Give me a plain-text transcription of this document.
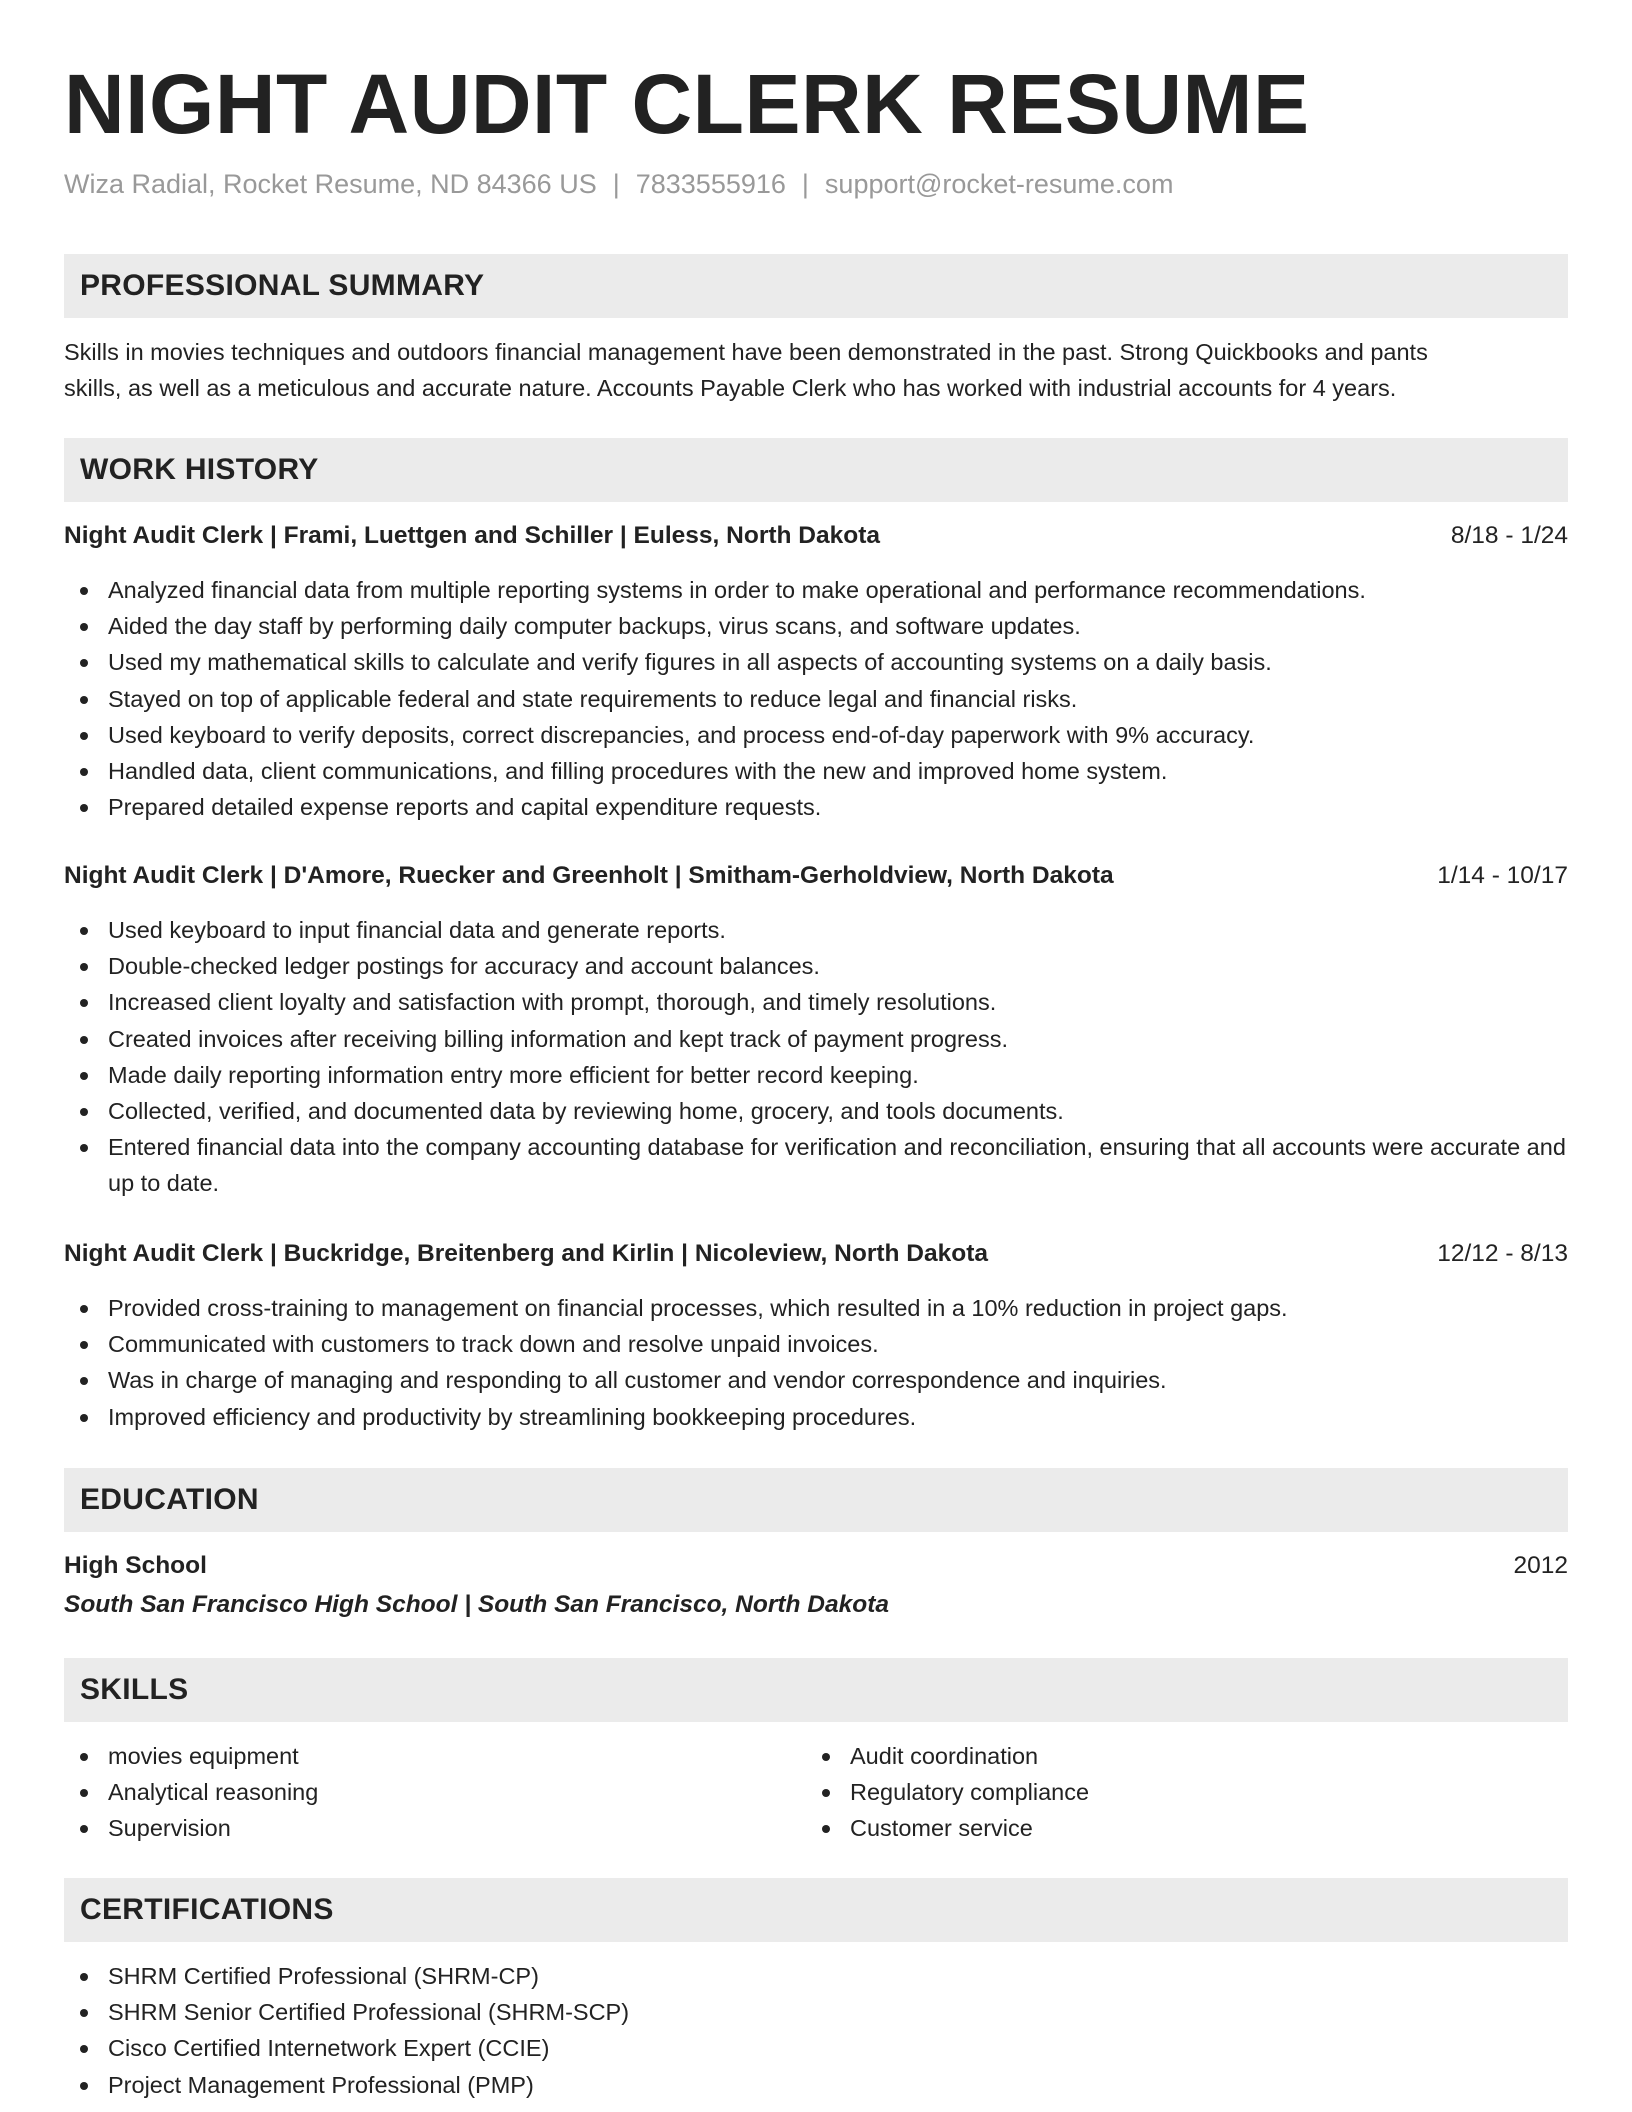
NIGHT AUDIT CLERK RESUME
Wiza Radial, Rocket Resume, ND 84366 US | 7833555916 | support@rocket-resume.com
PROFESSIONAL SUMMARY
Skills in movies techniques and outdoors financial management have been demonstrated in the past. Strong Quickbooks and pants
skills, as well as a meticulous and accurate nature. Accounts Payable Clerk who has worked with industrial accounts for 4 years.
WORK HISTORY
Night Audit Clerk | Frami, Luettgen and Schiller | Euless, North Dakota	8/18 - 1/24
Analyzed financial data from multiple reporting systems in order to make operational and performance recommendations.
Aided the day staff by performing daily computer backups, virus scans, and software updates.
Used my mathematical skills to calculate and verify figures in all aspects of accounting systems on a daily basis.
Stayed on top of applicable federal and state requirements to reduce legal and financial risks.
Used keyboard to verify deposits, correct discrepancies, and process end-of-day paperwork with 9% accuracy.
Handled data, client communications, and filling procedures with the new and improved home system.
Prepared detailed expense reports and capital expenditure requests.
Night Audit Clerk | D'Amore, Ruecker and Greenholt | Smitham-Gerholdview, North Dakota	1/14 - 10/17
Used keyboard to input financial data and generate reports.
Double-checked ledger postings for accuracy and account balances.
Increased client loyalty and satisfaction with prompt, thorough, and timely resolutions.
Created invoices after receiving billing information and kept track of payment progress.
Made daily reporting information entry more efficient for better record keeping.
Collected, verified, and documented data by reviewing home, grocery, and tools documents.
Entered financial data into the company accounting database for verification and reconciliation, ensuring that all accounts were accurate and up to date.
Night Audit Clerk | Buckridge, Breitenberg and Kirlin | Nicoleview, North Dakota	12/12 - 8/13
Provided cross-training to management on financial processes, which resulted in a 10% reduction in project gaps.
Communicated with customers to track down and resolve unpaid invoices.
Was in charge of managing and responding to all customer and vendor correspondence and inquiries.
Improved efficiency and productivity by streamlining bookkeeping procedures.
EDUCATION
High School	2012
South San Francisco High School | South San Francisco, North Dakota
SKILLS
movies equipment
Analytical reasoning
Supervision
Audit coordination
Regulatory compliance
Customer service
CERTIFICATIONS
SHRM Certified Professional (SHRM-CP)
SHRM Senior Certified Professional (SHRM-SCP)
Cisco Certified Internetwork Expert (CCIE)
Project Management Professional (PMP)
